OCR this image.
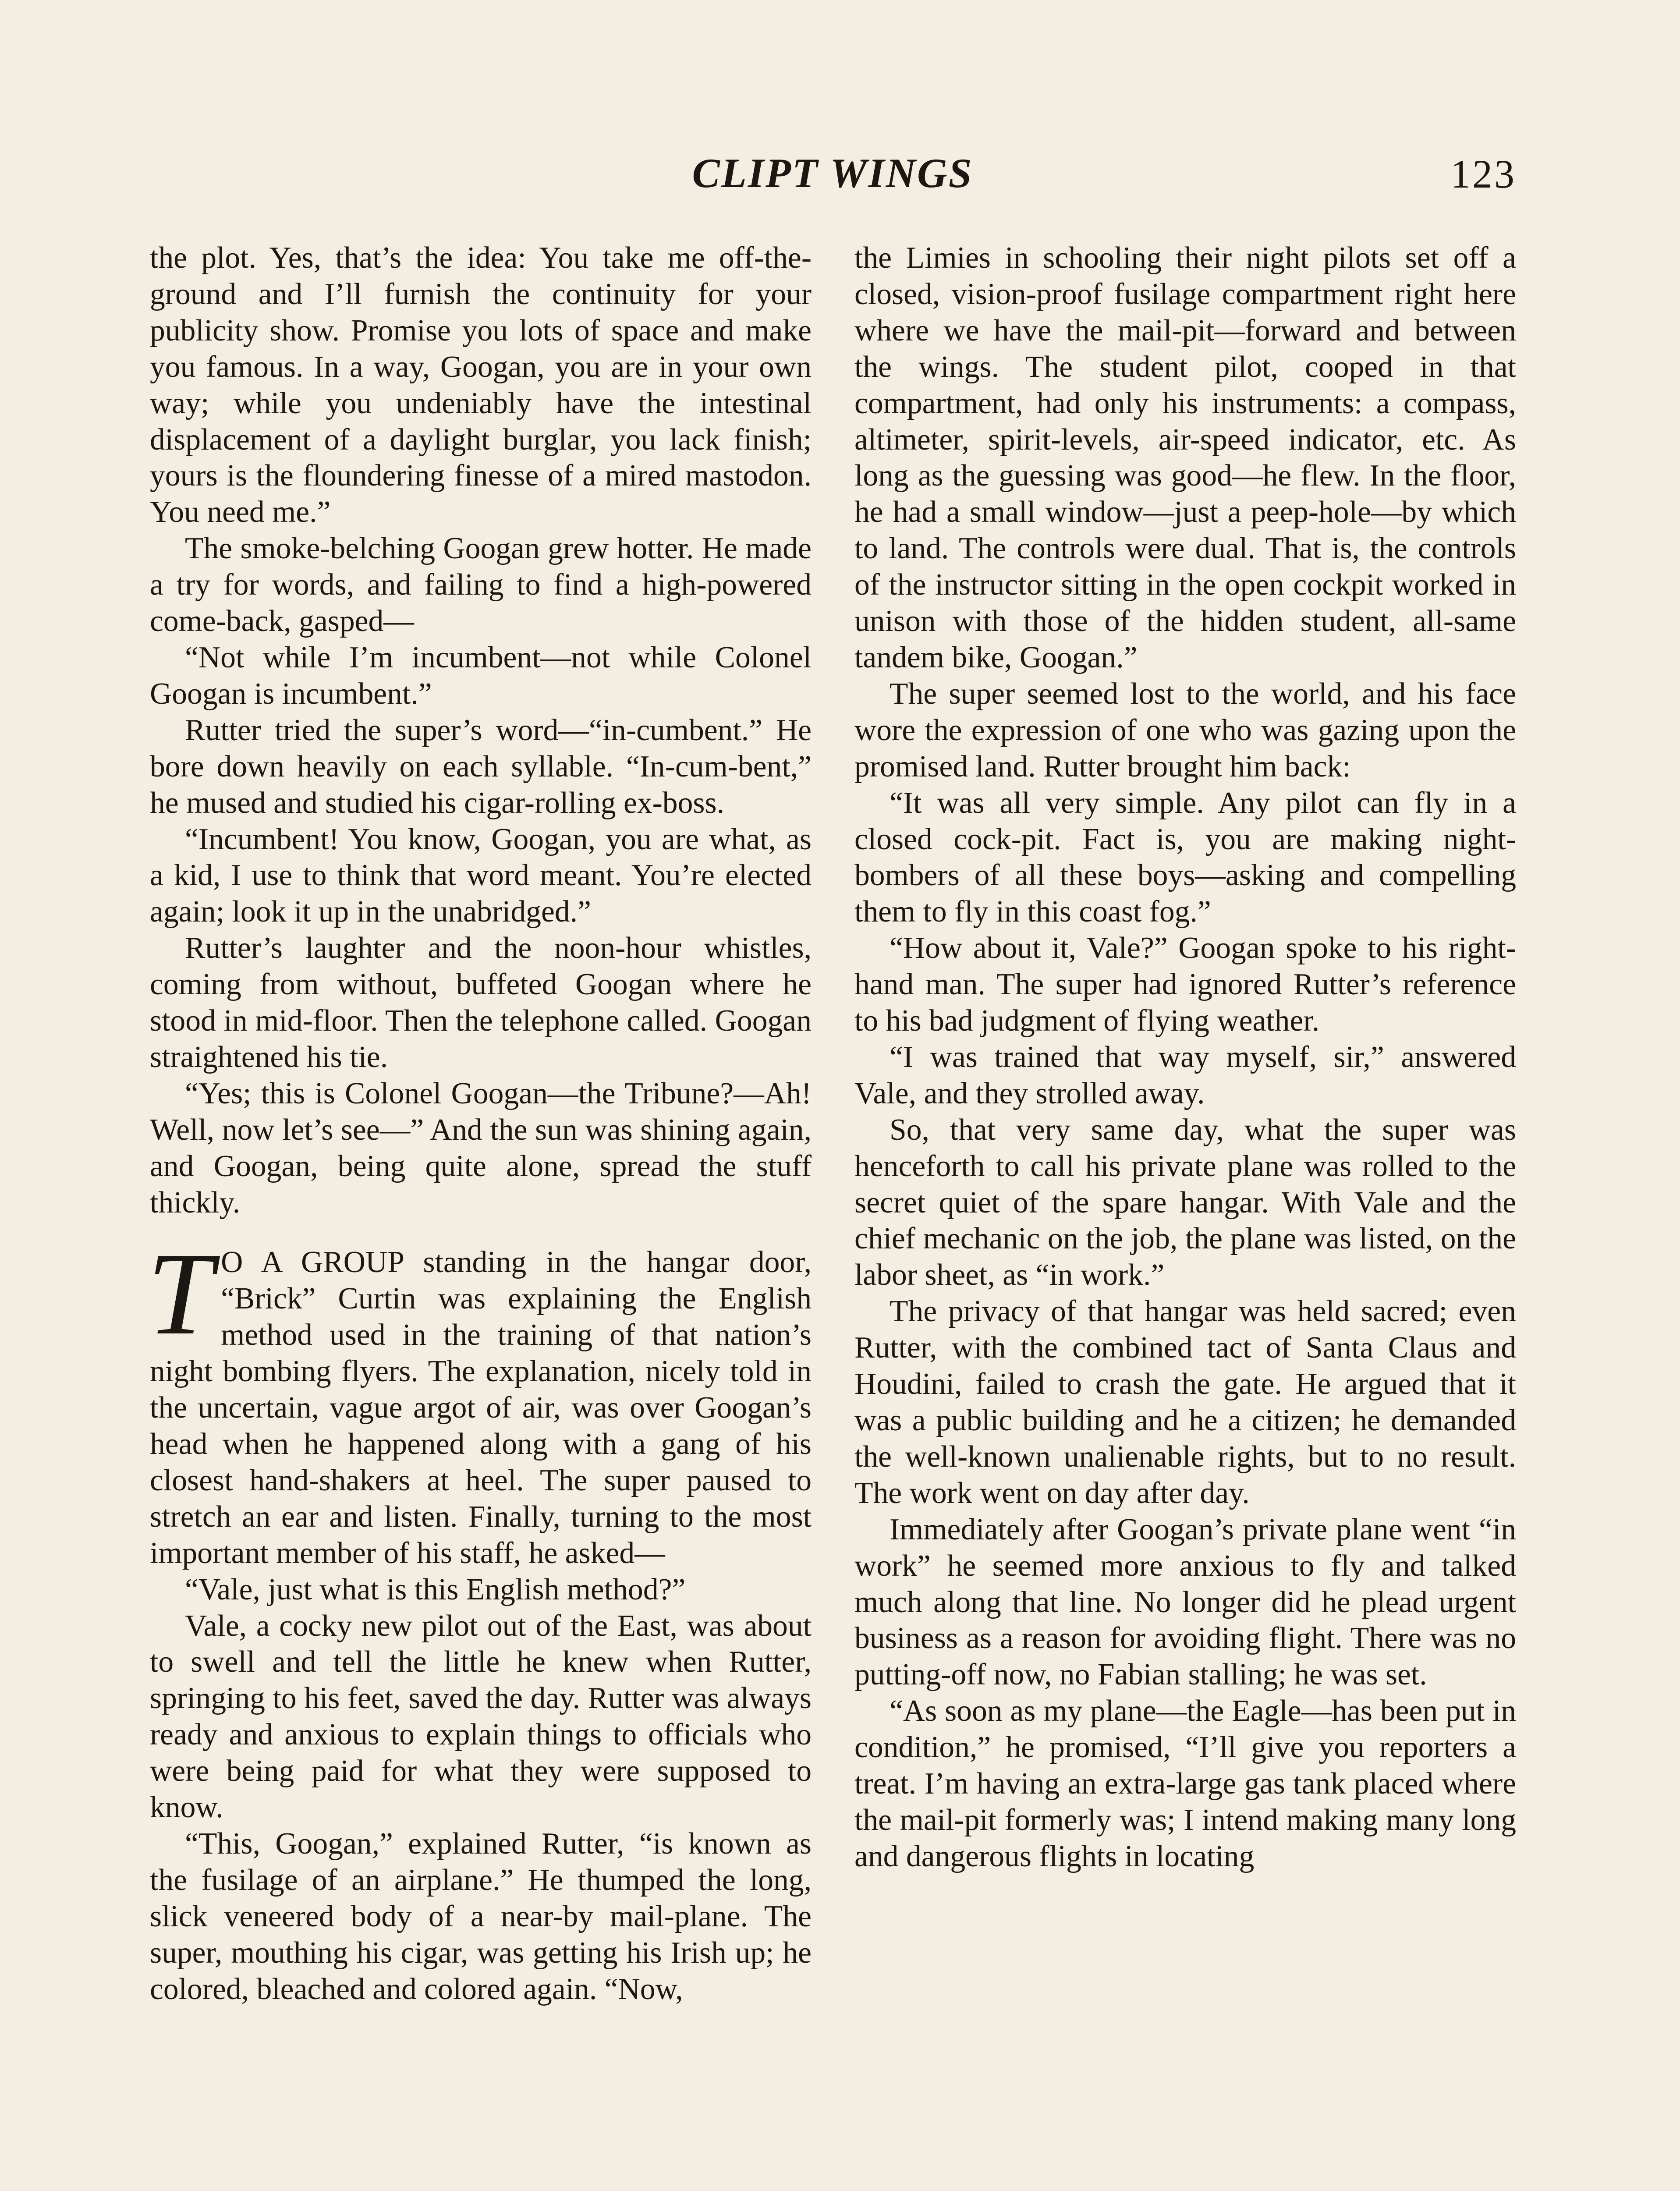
CLIPT WINGS	123

the plot. Yes, that’s the idea: You take me off-the-ground and I’ll furnish the continuity for your publicity show. Promise you lots of space and make you famous. In a way, Googan, you are in your own way; while you undeniably have the intestinal displacement of a daylight burglar, you lack finish; yours is the floundering finesse of a mired mastodon. You need me.”

The smoke-belching Googan grew hotter. He made a try for words, and failing to find a high-powered come-back, gasped—

“Not while I’m incumbent—not while Colonel Googan is incumbent.”

Rutter tried the super’s word—“in-cumbent.” He bore down heavily on each syllable. “In-cum-bent,” he mused and studied his cigar-rolling ex-boss.

“Incumbent! You know, Googan, you are what, as a kid, I use to think that word meant. You’re elected again; look it up in the unabridged.”

Rutter’s laughter and the noon-hour whistles, coming from without, buffeted Googan where he stood in mid-floor. Then the telephone called. Googan straightened his tie.

“Yes; this is Colonel Googan—the Tribune?—Ah! Well, now let’s see—” And the sun was shining again, and Googan, being quite alone, spread the stuff thickly.

T O A GROUP standing in the hangar door, “Brick” Curtin was explaining the English method used in the training of that nation’s night bombing flyers. The explanation, nicely told in the uncertain, vague argot of air, was over Googan’s head when he happened along with a gang of his closest hand-shakers at heel. The super paused to stretch an ear and listen. Finally, turning to the most important member of his staff, he asked—

“Vale, just what is this English method?”

Vale, a cocky new pilot out of the East, was about to swell and tell the little he knew when Rutter, springing to his feet, saved the day. Rutter was always ready and anxious to explain things to officials who were being paid for what they were supposed to know.

“This, Googan,” explained Rutter, “is known as the fusilage of an airplane.” He thumped the long, slick veneered body of a near-by mail-plane. The super, mouthing his cigar, was getting his Irish up; he colored, bleached and colored again. “Now,

the Limies in schooling their night pilots set off a closed, vision-proof fusilage compartment right here where we have the mail-pit—forward and between the wings. The student pilot, cooped in that compartment, had only his instruments: a compass, altimeter, spirit-levels, air-speed indicator, etc. As long as the guessing was good—he flew. In the floor, he had a small window—just a peep-hole—by which to land. The controls were dual. That is, the controls of the instructor sitting in the open cockpit worked in unison with those of the hidden student, all-same tandem bike, Googan.”

The super seemed lost to the world, and his face wore the expression of one who was gazing upon the promised land. Rutter brought him back:

“It was all very simple. Any pilot can fly in a closed cock-pit. Fact is, you are making night-bombers of all these boys—asking and compelling them to fly in this coast fog.”

“How about it, Vale?” Googan spoke to his right-hand man. The super had ignored Rutter’s reference to his bad judgment of flying weather.

“I was trained that way myself, sir,” answered Vale, and they strolled away.

So, that very same day, what the super was henceforth to call his private plane was rolled to the secret quiet of the spare hangar. With Vale and the chief mechanic on the job, the plane was listed, on the labor sheet, as “in work.”

The privacy of that hangar was held sacred; even Rutter, with the combined tact of Santa Claus and Houdini, failed to crash the gate. He argued that it was a public building and he a citizen; he demanded the well-known unalienable rights, but to no result. The work went on day after day.

Immediately after Googan’s private plane went “in work” he seemed more anxious to fly and talked much along that line. No longer did he plead urgent business as a reason for avoiding flight. There was no putting-off now, no Fabian stalling; he was set.

“As soon as my plane—the Eagle—has been put in condition,” he promised, “I’ll give you reporters a treat. I’m having an extra-large gas tank placed where the mail-pit formerly was; I intend making many long and dangerous flights in locating
